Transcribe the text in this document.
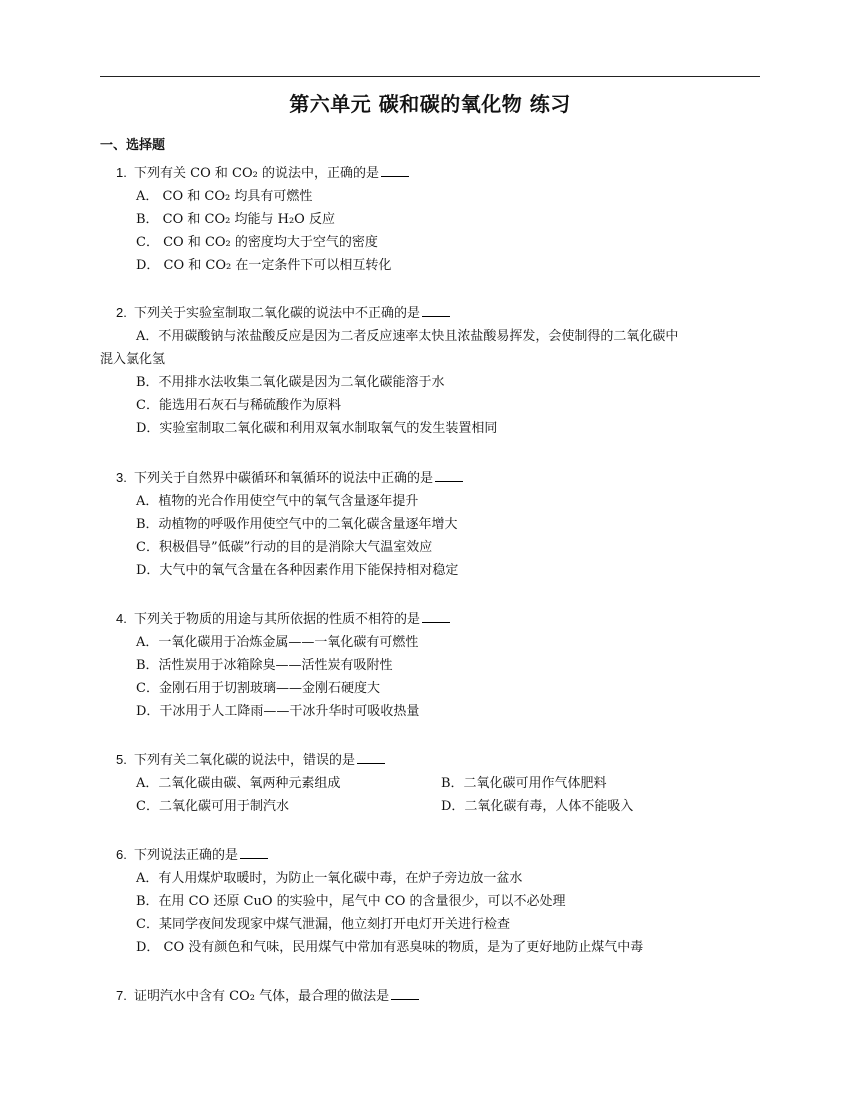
第六单元 碳和碳的氧化物 练习
一、选择题
1. 下列有关 CO 和 CO₂ 的说法中，正确的是
A． CO 和 CO₂ 均具有可燃性
B． CO 和 CO₂ 均能与 H₂O 反应
C． CO 和 CO₂ 的密度均大于空气的密度
D． CO 和 CO₂ 在一定条件下可以相互转化
2. 下列关于实验室制取二氧化碳的说法中不正确的是
A．不用碳酸钠与浓盐酸反应是因为二者反应速率太快且浓盐酸易挥发，会使制得的二氧化碳中
混入氯化氢
B．不用排水法收集二氧化碳是因为二氧化碳能溶于水
C．能选用石灰石与稀硫酸作为原料
D．实验室制取二氧化碳和利用双氧水制取氧气的发生装置相同
3. 下列关于自然界中碳循环和氧循环的说法中正确的是
A．植物的光合作用使空气中的氧气含量逐年提升
B．动植物的呼吸作用使空气中的二氧化碳含量逐年增大
C．积极倡导”低碳”行动的目的是消除大气温室效应
D．大气中的氧气含量在各种因素作用下能保持相对稳定
4. 下列关于物质的用途与其所依据的性质不相符的是
A．一氧化碳用于冶炼金属——一氧化碳有可燃性
B．活性炭用于冰箱除臭——活性炭有吸附性
C．金刚石用于切割玻璃——金刚石硬度大
D．干冰用于人工降雨——干冰升华时可吸收热量
5. 下列有关二氧化碳的说法中，错误的是
A．二氧化碳由碳、氧两种元素组成	B．二氧化碳可用作气体肥料
C．二氧化碳可用于制汽水	D．二氧化碳有毒，人体不能吸入
6. 下列说法正确的是
A．有人用煤炉取暖时，为防止一氧化碳中毒，在炉子旁边放一盆水
B．在用 CO 还原 CuO 的实验中，尾气中 CO 的含量很少，可以不必处理
C．某同学夜间发现家中煤气泄漏，他立刻打开电灯开关进行检查
D． CO 没有颜色和气味，民用煤气中常加有恶臭味的物质，是为了更好地防止煤气中毒
7. 证明汽水中含有 CO₂ 气体，最合理的做法是
